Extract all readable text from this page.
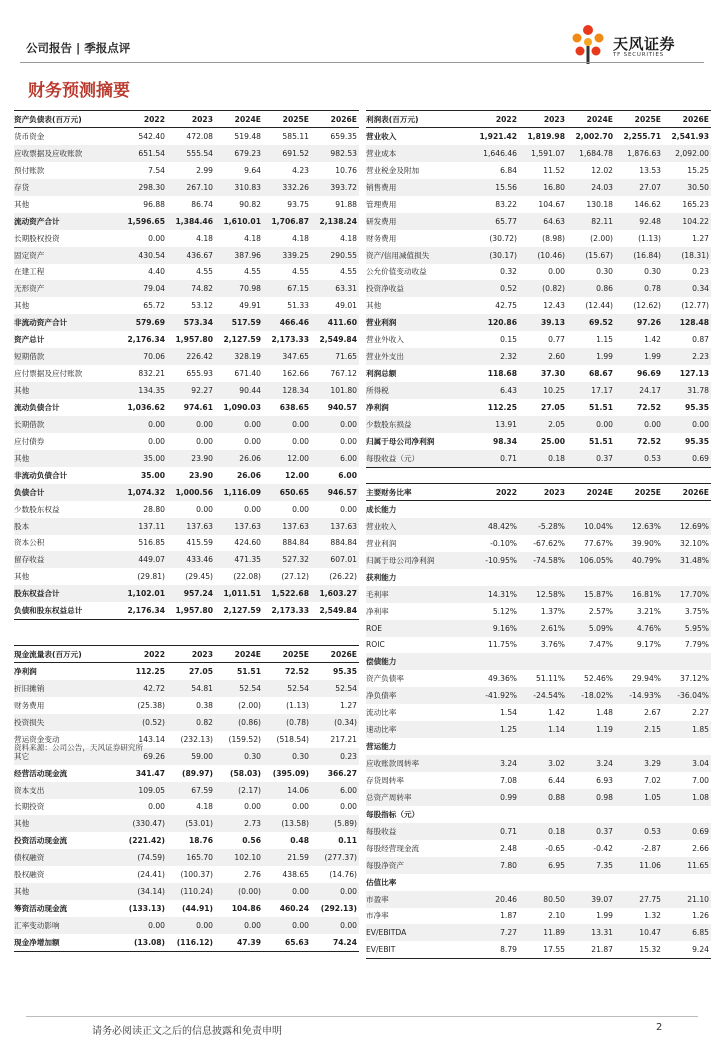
公司报告 | 季报点评	天风证券
TF SECURITIES
财务预测摘要
资产负债表(百万元)	2022	2023	2024E	2025E	2026E
货币资金	542.40	472.08	519.48	585.11	659.35
应收票据及应收账款	651.54	555.54	679.23	691.52	982.53
预付账款	7.54	2.99	9.64	4.23	10.76
存货	298.30	267.10	310.83	332.26	393.72
其他	96.88	86.74	90.82	93.75	91.88
流动资产合计	1,596.65	1,384.46	1,610.01	1,706.87	2,138.24
长期股权投资	0.00	4.18	4.18	4.18	4.18
固定资产	430.54	436.67	387.96	339.25	290.55
在建工程	4.40	4.55	4.55	4.55	4.55
无形资产	79.04	74.82	70.98	67.15	63.31
其他	65.72	53.12	49.91	51.33	49.01
非流动资产合计	579.69	573.34	517.59	466.46	411.60
资产总计	2,176.34	1,957.80	2,127.59	2,173.33	2,549.84
短期借款	70.06	226.42	328.19	347.65	71.65
应付票据及应付账款	832.21	655.93	671.40	162.66	767.12
其他	134.35	92.27	90.44	128.34	101.80
流动负债合计	1,036.62	974.61	1,090.03	638.65	940.57
长期借款	0.00	0.00	0.00	0.00	0.00
应付债券	0.00	0.00	0.00	0.00	0.00
其他	35.00	23.90	26.06	12.00	6.00
非流动负债合计	35.00	23.90	26.06	12.00	6.00
负债合计	1,074.32	1,000.56	1,116.09	650.65	946.57
少数股东权益	28.80	0.00	0.00	0.00	0.00
股本	137.11	137.63	137.63	137.63	137.63
资本公积	516.85	415.59	424.60	884.84	884.84
留存收益	449.07	433.46	471.35	527.32	607.01
其他	(29.81)	(29.45)	(22.08)	(27.12)	(26.22)
股东权益合计	1,102.01	957.24	1,011.51	1,522.68	1,603.27
负债和股东权益总计	2,176.34	1,957.80	2,127.59	2,173.33	2,549.84
利润表(百万元)	2022	2023	2024E	2025E	2026E
营业收入	1,921.42	1,819.98	2,002.70	2,255.71	2,541.93
营业成本	1,646.46	1,591.07	1,684.78	1,876.63	2,092.00
营业税金及附加	6.84	11.52	12.02	13.53	15.25
销售费用	15.56	16.80	24.03	27.07	30.50
管理费用	83.22	104.67	130.18	146.62	165.23
研发费用	65.77	64.63	82.11	92.48	104.22
财务费用	(30.72)	(8.98)	(2.00)	(1.13)	1.27
资产/信用减值损失	(30.17)	(10.46)	(15.67)	(16.84)	(18.31)
公允价值变动收益	0.32	0.00	0.30	0.30	0.23
投资净收益	0.52	(0.82)	0.86	0.78	0.34
其他	42.75	12.43	(12.44)	(12.62)	(12.77)
营业利润	120.86	39.13	69.52	97.26	128.48
营业外收入	0.15	0.77	1.15	1.42	0.87
营业外支出	2.32	2.60	1.99	1.99	2.23
利润总额	118.68	37.30	68.67	96.69	127.13
所得税	6.43	10.25	17.17	24.17	31.78
净利润	112.25	27.05	51.51	72.52	95.35
少数股东损益	13.91	2.05	0.00	0.00	0.00
归属于母公司净利润	98.34	25.00	51.51	72.52	95.35
每股收益（元）	0.71	0.18	0.37	0.53	0.69
主要财务比率	2022	2023	2024E	2025E	2026E
成长能力					
营业收入	48.42%	-5.28%	10.04%	12.63%	12.69%
营业利润	-0.10%	-67.62%	77.67%	39.90%	32.10%
归属于母公司净利润	-10.95%	-74.58%	106.05%	40.79%	31.48%
获利能力					
毛利率	14.31%	12.58%	15.87%	16.81%	17.70%
净利率	5.12%	1.37%	2.57%	3.21%	3.75%
ROE	9.16%	2.61%	5.09%	4.76%	5.95%
ROIC	11.75%	3.76%	7.47%	9.17%	7.79%
偿债能力					
资产负债率	49.36%	51.11%	52.46%	29.94%	37.12%
净负债率	-41.92%	-24.54%	-18.02%	-14.93%	-36.04%
流动比率	1.54	1.42	1.48	2.67	2.27
速动比率	1.25	1.14	1.19	2.15	1.85
营运能力					
应收账款周转率	3.24	3.02	3.24	3.29	3.04
存货周转率	7.08	6.44	6.93	7.02	7.00
总资产周转率	0.99	0.88	0.98	1.05	1.08
每股指标（元）					
每股收益	0.71	0.18	0.37	0.53	0.69
每股经营现金流	2.48	-0.65	-0.42	-2.87	2.66
每股净资产	7.80	6.95	7.35	11.06	11.65
估值比率					
市盈率	20.46	80.50	39.07	27.75	21.10
市净率	1.87	2.10	1.99	1.32	1.26
EV/EBITDA	7.27	11.89	13.31	10.47	6.85
EV/EBIT	8.79	17.55	21.87	15.32	9.24
现金流量表(百万元)	2022	2023	2024E	2025E	2026E
净利润	112.25	27.05	51.51	72.52	95.35
折旧摊销	42.72	54.81	52.54	52.54	52.54
财务费用	(25.38)	0.38	(2.00)	(1.13)	1.27
投资损失	(0.52)	0.82	(0.86)	(0.78)	(0.34)
营运资金变动	143.14	(232.13)	(159.52)	(518.54)	217.21
其它	69.26	59.00	0.30	0.30	0.23
经营活动现金流	341.47	(89.97)	(58.03)	(395.09)	366.27
资本支出	109.05	67.59	(2.17)	14.06	6.00
长期投资	0.00	4.18	0.00	0.00	0.00
其他	(330.47)	(53.01)	2.73	(13.58)	(5.89)
投资活动现金流	(221.42)	18.76	0.56	0.48	0.11
债权融资	(74.59)	165.70	102.10	21.59	(277.37)
股权融资	(24.41)	(100.37)	2.76	438.65	(14.76)
其他	(34.14)	(110.24)	(0.00)	0.00	0.00
筹资活动现金流	(133.13)	(44.91)	104.86	460.24	(292.13)
汇率变动影响	0.00	0.00	0.00	0.00	0.00
现金净增加额	(13.08)	(116.12)	47.39	65.63	74.24
资料来源：公司公告，天风证券研究所
请务必阅读正文之后的信息披露和免责申明	2
